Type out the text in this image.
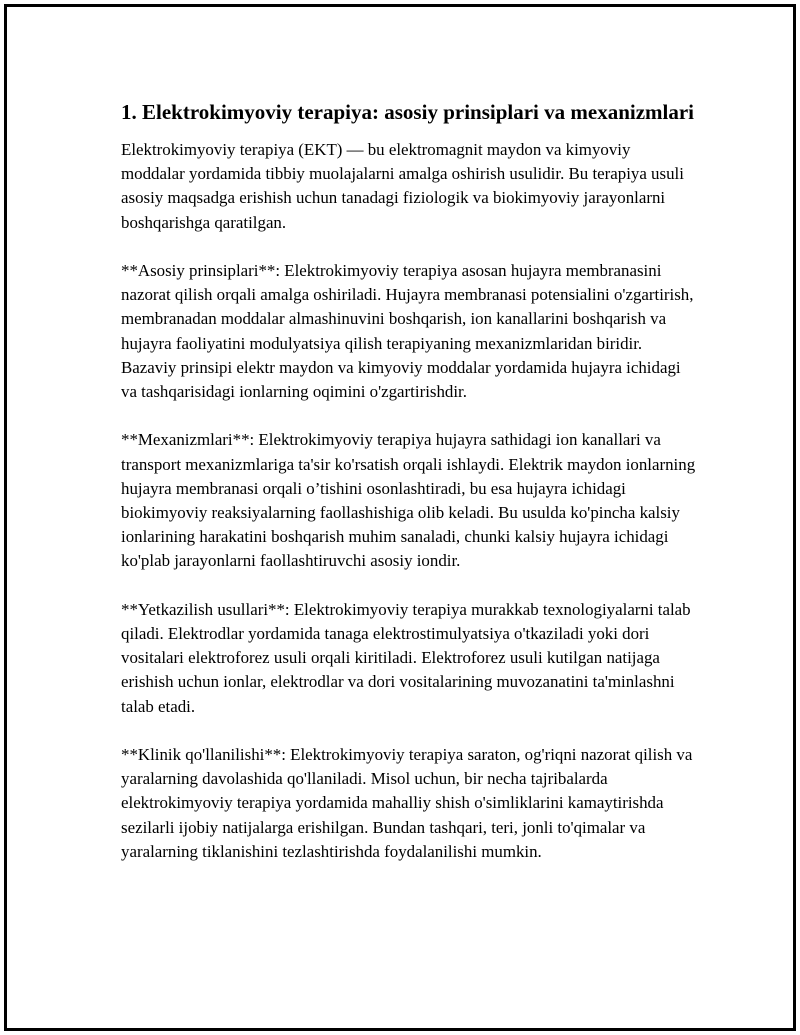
1. Elektrokimyoviy terapiya: asosiy prinsiplari va mexanizmlari

Elektrokimyoviy terapiya (EKT) — bu elektromagnit maydon va kimyoviy moddalar yordamida tibbiy muolajalarni amalga oshirish usulidir. Bu terapiya usuli asosiy maqsadga erishish uchun tanadagi fiziologik va biokimyoviy jarayonlarni boshqarishga qaratilgan.

**Asosiy prinsiplari**: Elektrokimyoviy terapiya asosan hujayra membranasini nazorat qilish orqali amalga oshiriladi. Hujayra membranasi potensialini o'zgartirish, membranadan moddalar almashinuvini boshqarish, ion kanallarini boshqarish va hujayra faoliyatini modulyatsiya qilish terapiyaning mexanizmlaridan biridir. Bazaviy prinsipi elektr maydon va kimyoviy moddalar yordamida hujayra ichidagi va tashqarisidagi ionlarning oqimini o'zgartirishdir.

**Mexanizmlari**: Elektrokimyoviy terapiya hujayra sathidagi ion kanallari va transport mexanizmlariga ta'sir ko'rsatish orqali ishlaydi. Elektrik maydon ionlarning hujayra membranasi orqali o’tishini osonlashtiradi, bu esa hujayra ichidagi biokimyoviy reaksiyalarning faollashishiga olib keladi. Bu usulda ko'pincha kalsiy ionlarining harakatini boshqarish muhim sanaladi, chunki kalsiy hujayra ichidagi ko'plab jarayonlarni faollashtiruvchi asosiy iondir.

**Yetkazilish usullari**: Elektrokimyoviy terapiya murakkab texnologiyalarni talab qiladi. Elektrodlar yordamida tanaga elektrostimulyatsiya o'tkaziladi yoki dori vositalari elektroforez usuli orqali kiritiladi. Elektroforez usuli kutilgan natijaga erishish uchun ionlar, elektrodlar va dori vositalarining muvozanatini ta'minlashni talab etadi.

**Klinik qo'llanilishi**: Elektrokimyoviy terapiya saraton, og'riqni nazorat qilish va yaralarning davolashida qo'llaniladi. Misol uchun, bir necha tajribalarda elektrokimyoviy terapiya yordamida mahalliy shish o'simliklarini kamaytirishda sezilarli ijobiy natijalarga erishilgan. Bundan tashqari, teri, jonli to'qimalar va yaralarning tiklanishini tezlashtirishda foydalanilishi mumkin.
